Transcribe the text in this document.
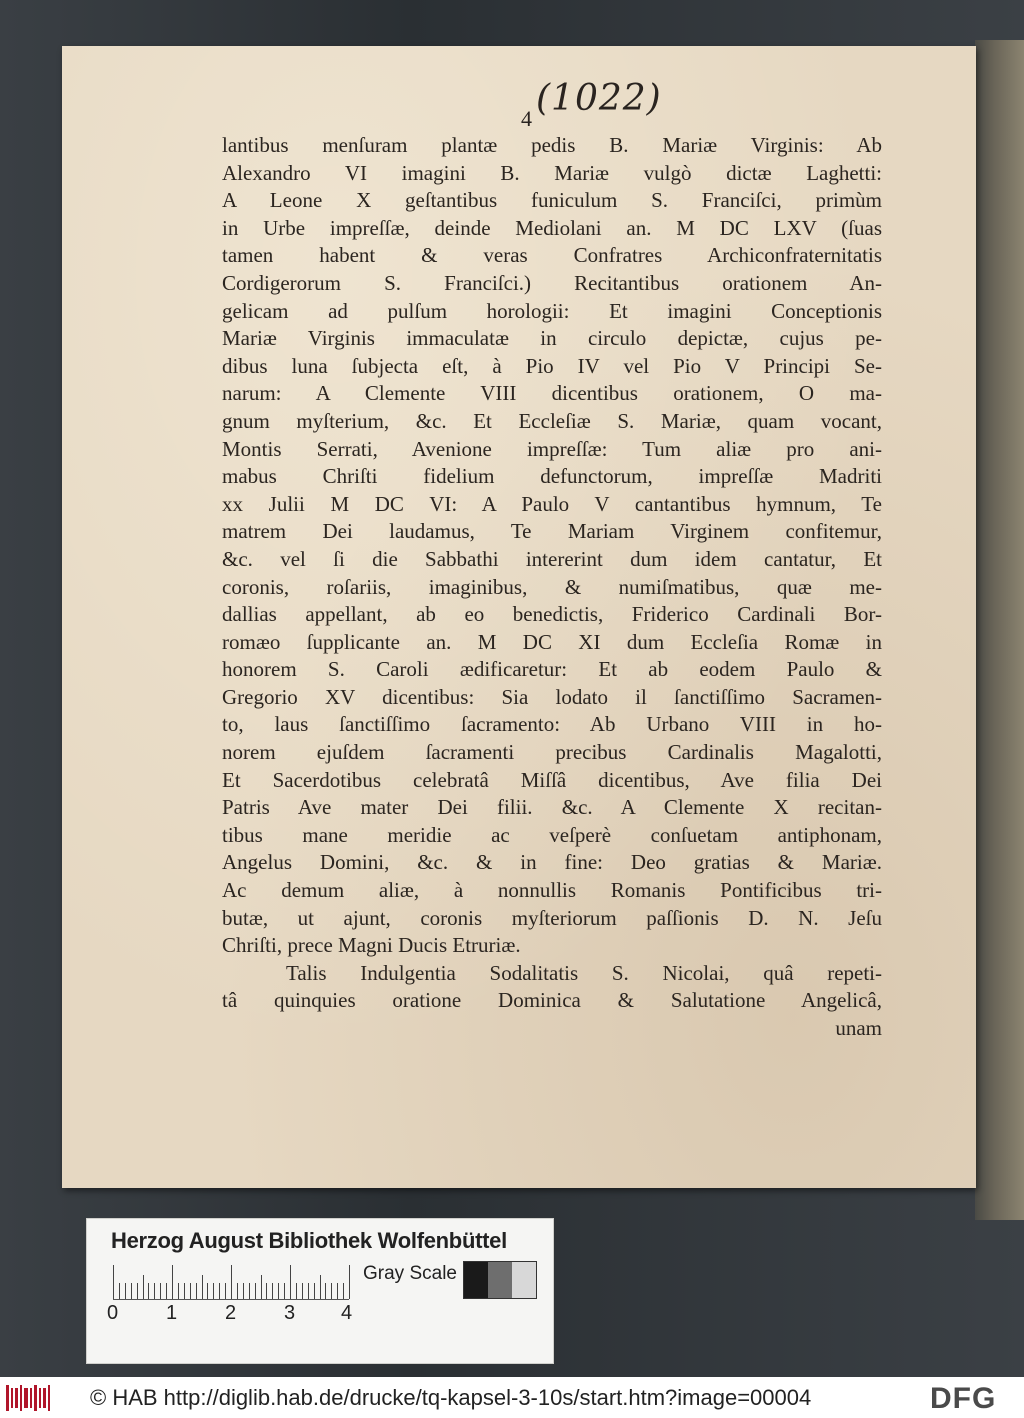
(1022)
4
lantibus menſuram plantæ pedis B. Mariæ Virginis: Ab
Alexandro VI imagini B. Mariæ vulgò dictæ Laghetti:
A Leone X geſtantibus funiculum S. Franciſci, primùm
in Urbe impreſſæ, deinde Mediolani an. M DC LXV (ſuas
tamen habent & veras Confratres Archiconfraternitatis
Cordigerorum S. Franciſci.) Recitantibus orationem An-
gelicam ad pulſum horologii: Et imagini Conceptionis
Mariæ Virginis immaculatæ in circulo depictæ, cujus pe-
dibus luna ſubjecta eſt, à Pio IV vel Pio V Principi Se-
narum: A Clemente VIII dicentibus orationem, O ma-
gnum myſterium, &c. Et Eccleſiæ S. Mariæ, quam vocant,
Montis Serrati, Avenione impreſſæ: Tum aliæ pro ani-
mabus Chriſti fidelium defunctorum, impreſſæ Madriti
xx Julii M DC VI: A Paulo V cantantibus hymnum, Te
matrem Dei laudamus, Te Mariam Virginem confitemur,
&c. vel ſi die Sabbathi intererint dum idem cantatur, Et
coronis, roſariis, imaginibus, & numiſmatibus, quæ me-
dallias appellant, ab eo benedictis, Friderico Cardinali Bor-
romæo ſupplicante an. M DC XI dum Eccleſia Romæ in
honorem S. Caroli ædificaretur: Et ab eodem Paulo &
Gregorio XV dicentibus: Sia lodato il ſanctiſſimo Sacramen-
to, laus ſanctiſſimo ſacramento: Ab Urbano VIII in ho-
norem ejuſdem ſacramenti precibus Cardinalis Magalotti,
Et Sacerdotibus celebratâ Miſſâ dicentibus, Ave filia Dei
Patris Ave mater Dei filii. &c. A Clemente X recitan-
tibus mane meridie ac veſperè conſuetam antiphonam,
Angelus Domini, &c. & in fine: Deo gratias & Mariæ.
Ac demum aliæ, à nonnullis Romanis Pontificibus tri-
butæ, ut ajunt, coronis myſteriorum paſſionis D. N. Jeſu
Chriſti, prece Magni Ducis Etruriæ.
Talis Indulgentia Sodalitatis S. Nicolai, quâ repeti-
tâ quinquies oratione Dominica & Salutatione Angelicâ,
unam
Herzog August Bibliothek Wolfenbüttel
0 1 2 3 4
Gray Scale
© HAB http://diglib.hab.de/drucke/tq-kapsel-3-10s/start.htm?image=00004	DFG
